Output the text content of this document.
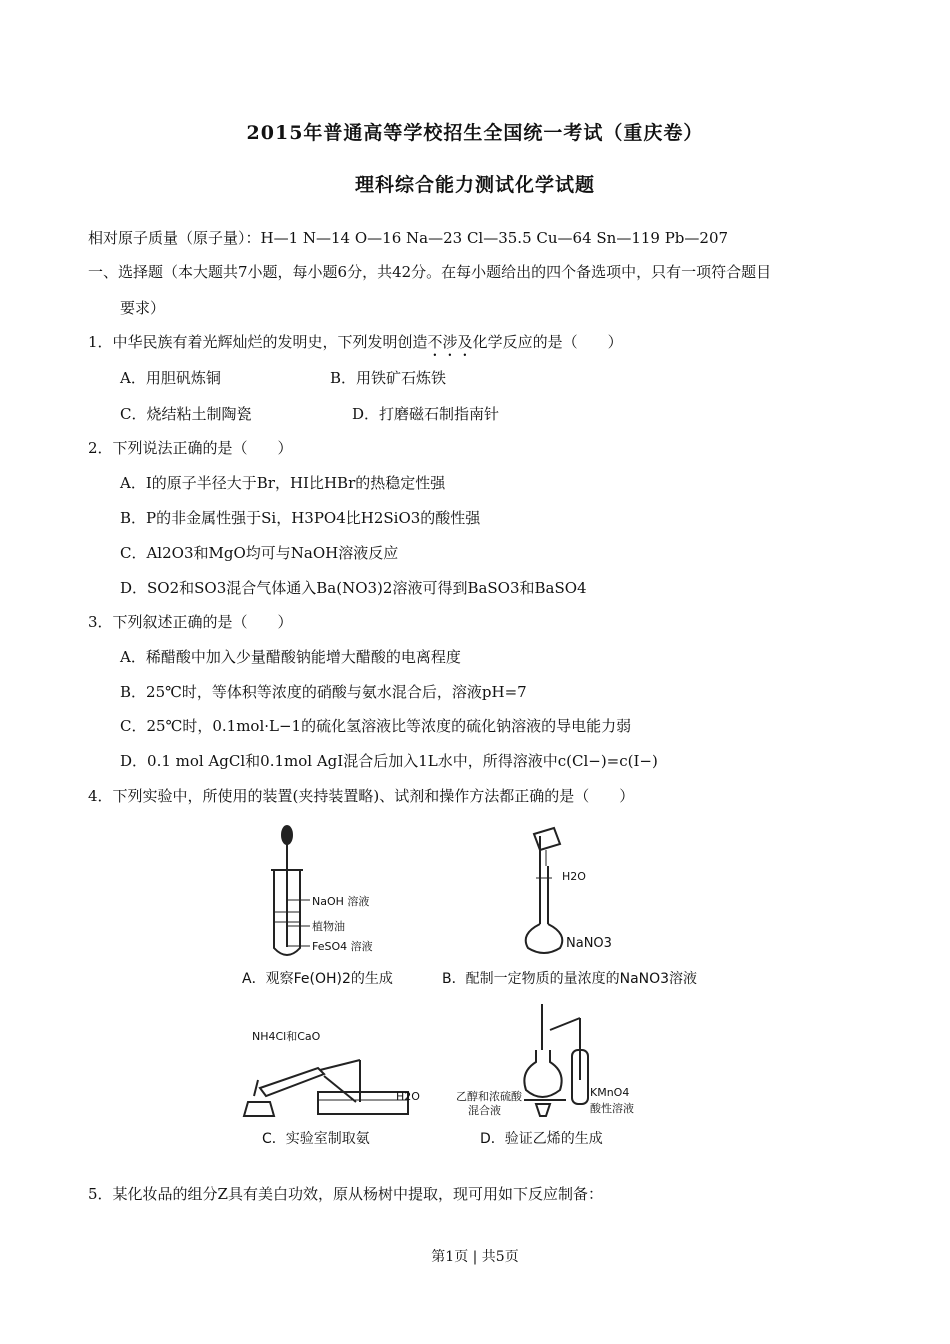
2015年普通高等学校招生全国统一考试（重庆卷）
理科综合能力测试化学试题
相对原子质量（原子量）：H—1 N—14 O—16 Na—23 Cl—35.5 Cu—64 Sn—119 Pb—207
一、选择题（本大题共7小题，每小题6分，共42分。在每小题给出的四个备选项中，只有一项符合题目
要求）
1．中华民族有着光辉灿烂的发明史，下列发明创造不涉及化学反应的是（　　）
A．用胆矾炼铜	B．用铁矿石炼铁
C．烧结粘土制陶瓷	D．打磨磁石制指南针
2．下列说法正确的是（　　）
A．I的原子半径大于Br，HI比HBr的热稳定性强
B．P的非金属性强于Si，H3PO4比H2SiO3的酸性强
C．Al2O3和MgO均可与NaOH溶液反应
D．SO2和SO3混合气体通入Ba(NO3)2溶液可得到BaSO3和BaSO4
3．下列叙述正确的是（　　）
A．稀醋酸中加入少量醋酸钠能增大醋酸的电离程度
B．25℃时，等体积等浓度的硝酸与氨水混合后，溶液pH=7
C．25℃时，0.1mol·L−1的硫化氢溶液比等浓度的硫化钠溶液的导电能力弱
D．0.1 mol AgCl和0.1mol AgI混合后加入1L水中，所得溶液中c(Cl−)=c(I−)
4．下列实验中，所使用的装置(夹持装置略)、试剂和操作方法都正确的是（　　）
NaOH 溶液
植物油
FeSO4 溶液
A．观察Fe(OH)2的生成
H2O
NaNO3
B．配制一定物质的量浓度的NaNO3溶液
NH4Cl和CaO
H2O
C．实验室制取氨
乙醇和浓硫酸
混合液
KMnO4
酸性溶液
D．验证乙烯的生成
5．某化妆品的组分Z具有美白功效，原从杨树中提取，现可用如下反应制备：
第1页 | 共5页
